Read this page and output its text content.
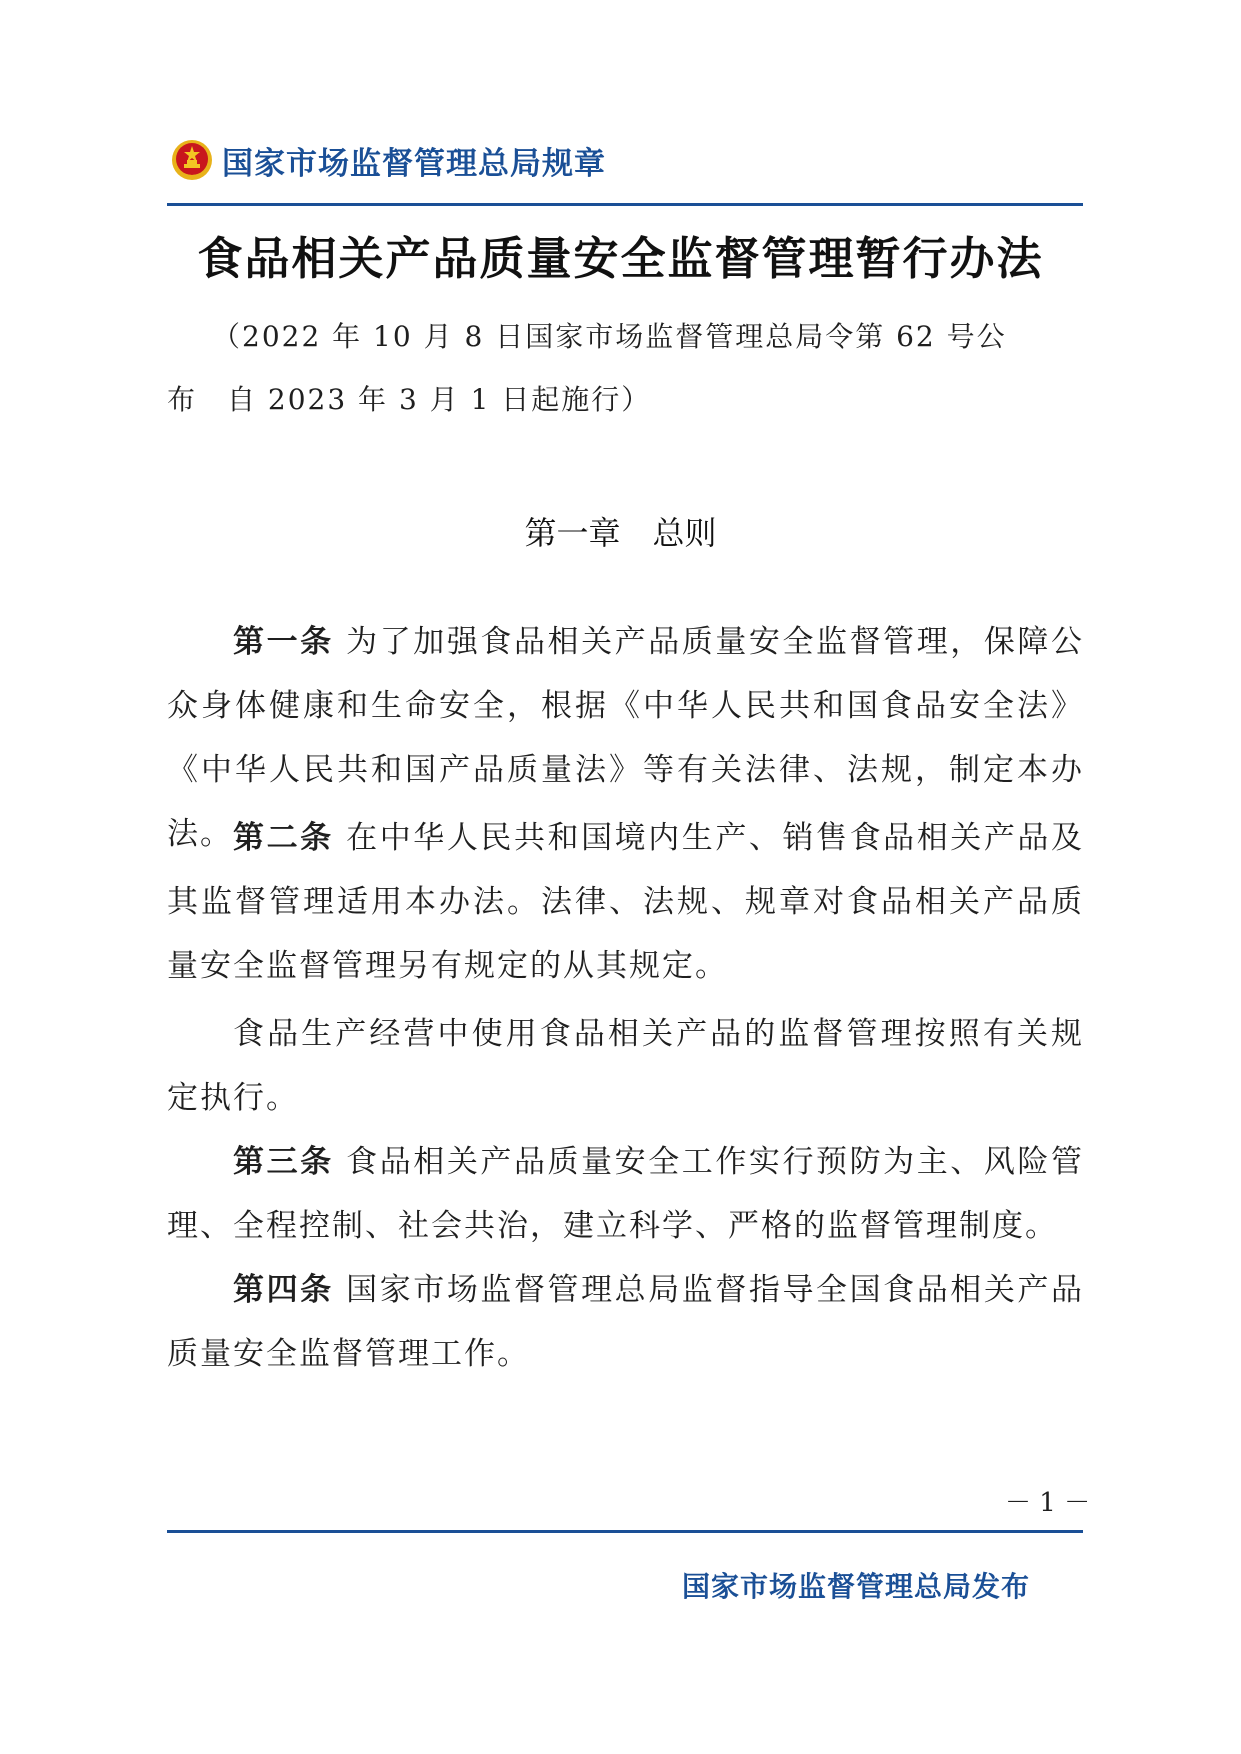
国家市场监督管理总局规章
食品相关产品质量安全监督管理暂行办法
（2022 年 10 月 8 日国家市场监督管理总局令第 62 号公
布　自 2023 年 3 月 1 日起施行）
第一章　总则

第一条 为了加强食品相关产品质量安全监督管理，保障公众身体健康和生命安全，根据《中华人民共和国食品安全法》《中华人民共和国产品质量法》等有关法律、法规，制定本办法。 第二条 在中华人民共和国境内生产、销售食品相关产品及其监督管理适用本办法。法律、法规、规章对食品相关产品质量安全监督管理另有规定的从其规定。

食品生产经营中使用食品相关产品的监督管理按照有关规定执行。

第三条 食品相关产品质量安全工作实行预防为主、风险管理、全程控制、社会共治，建立科学、严格的监督管理制度。

第四条 国家市场监督管理总局监督指导全国食品相关产品质量安全监督管理工作。

－ 1 －
国家市场监督管理总局发布
